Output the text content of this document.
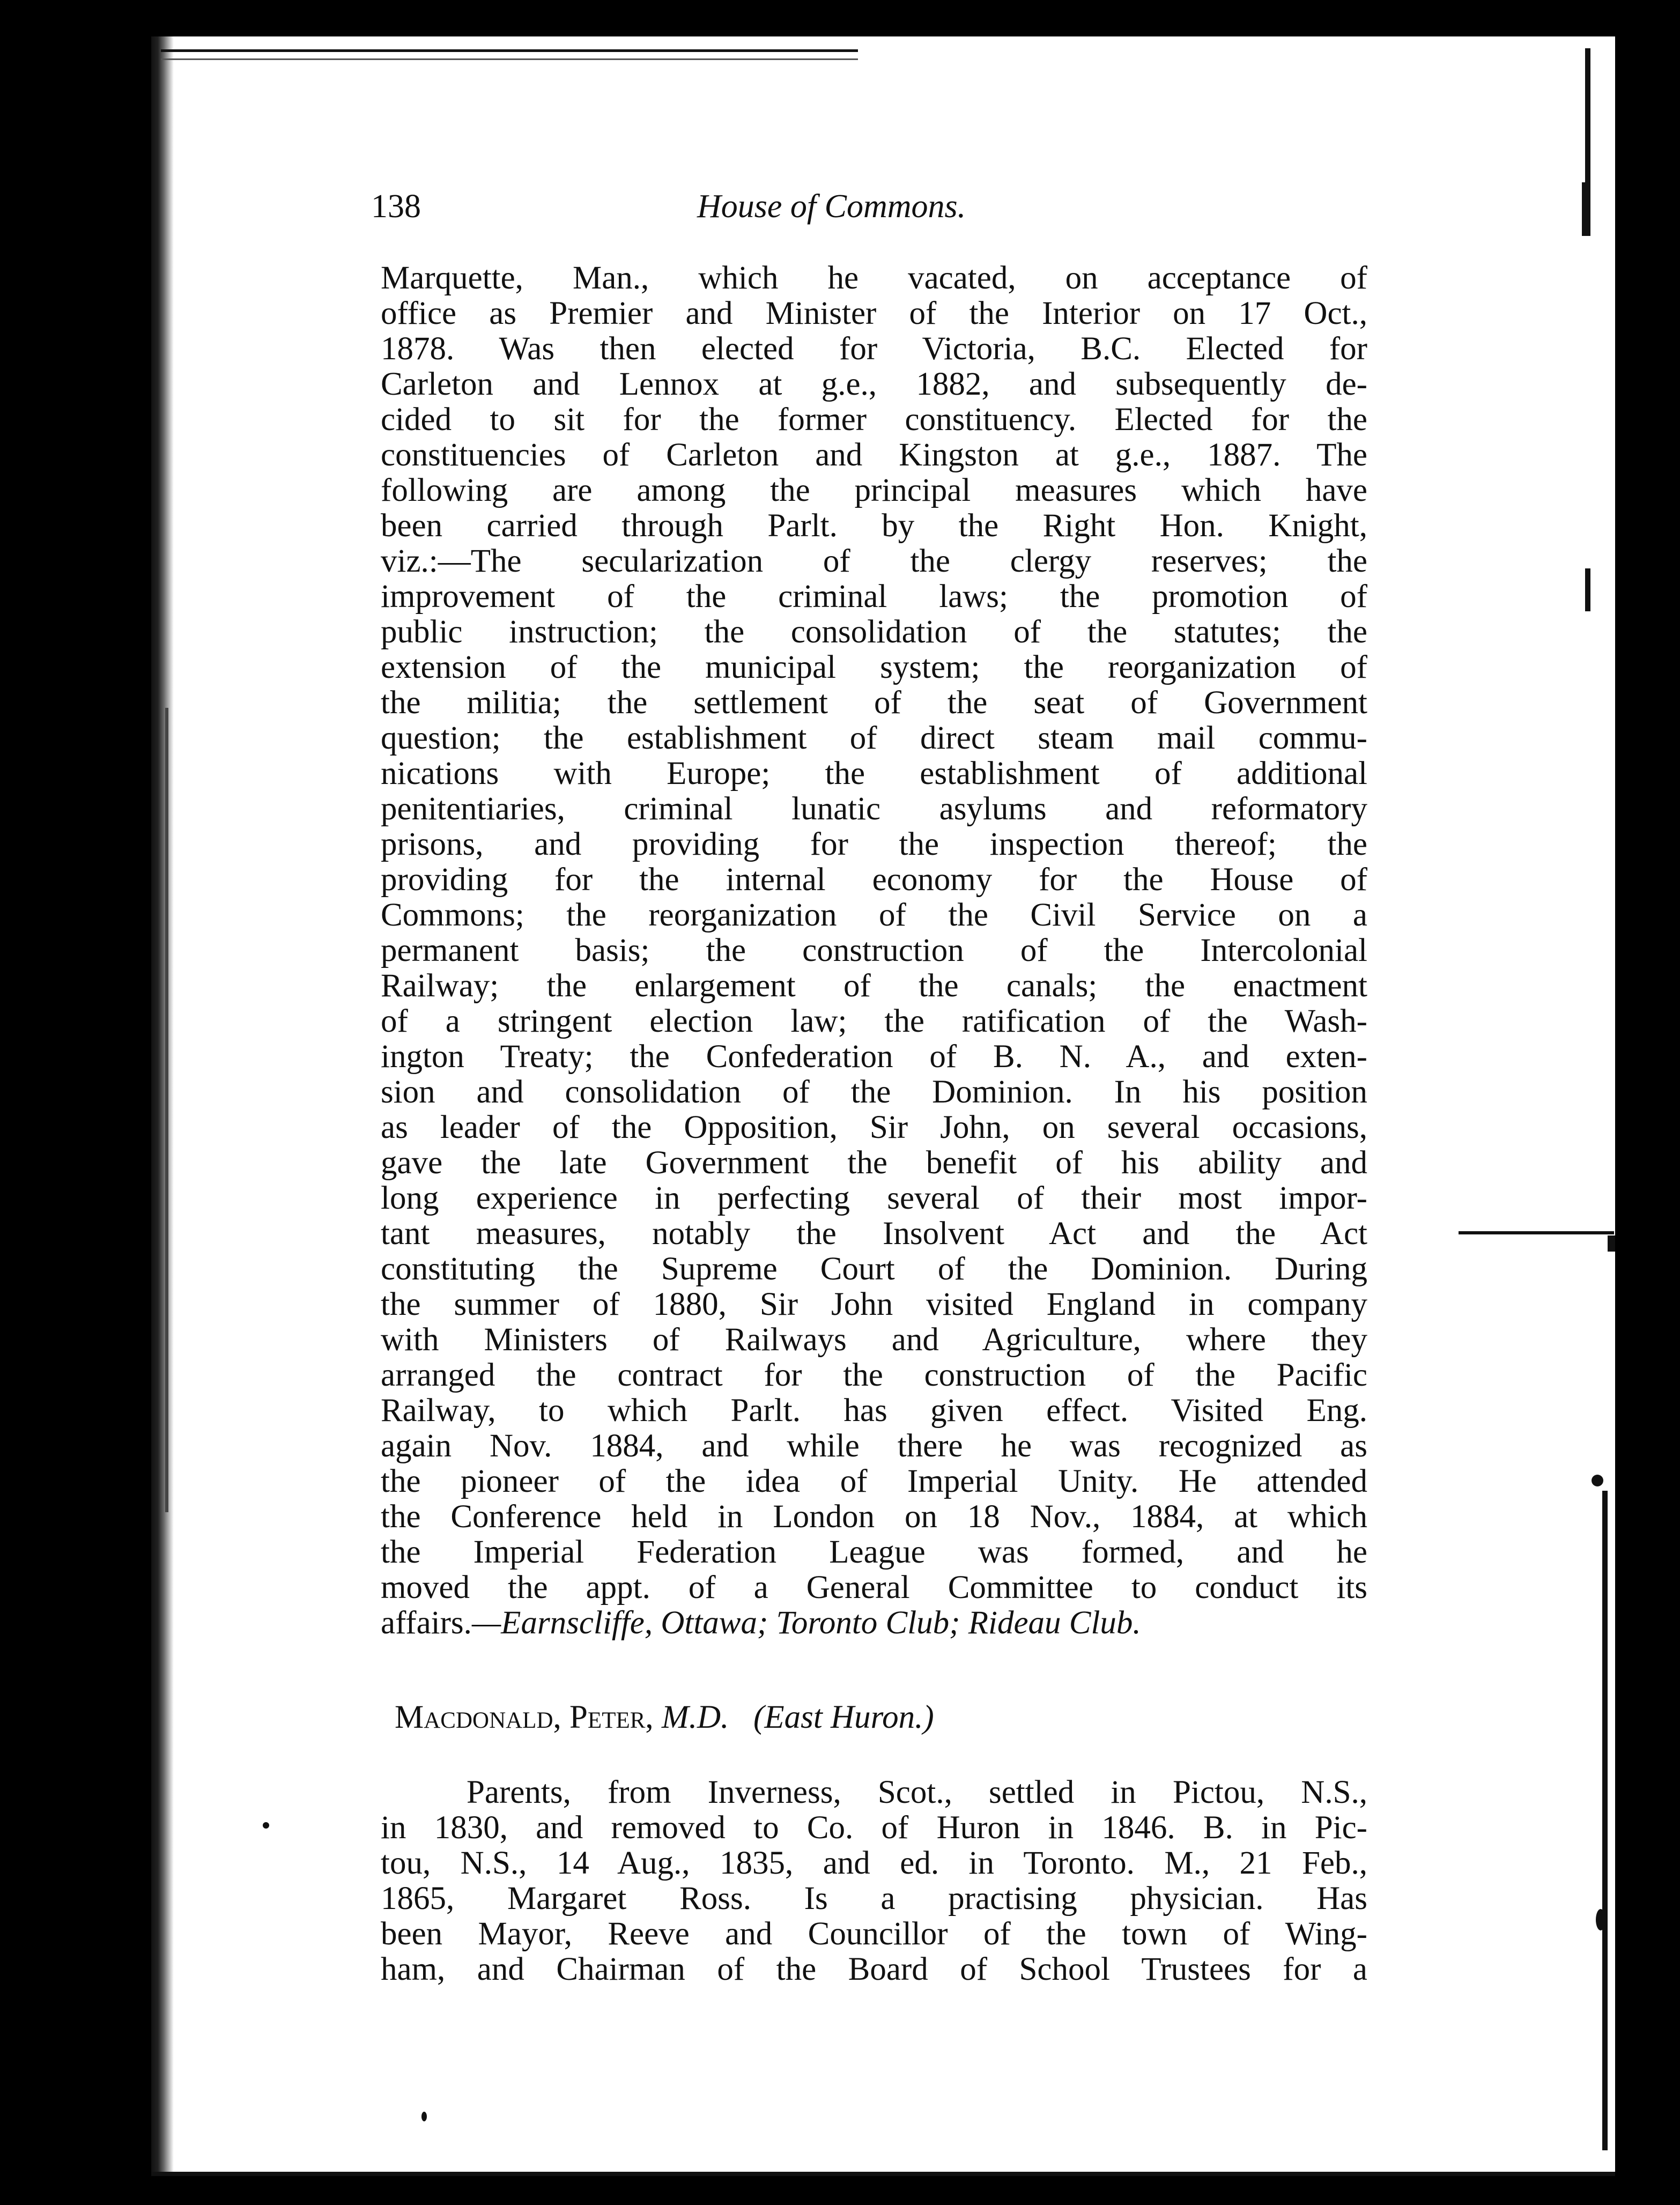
138	House of Commons.
Marquette, Man., which he vacated, on acceptance of
office as Premier and Minister of the Interior on 17 Oct.,
1878. Was then elected for Victoria, B.C. Elected for
Carleton and Lennox at g.e., 1882, and subsequently de-
cided to sit for the former constituency. Elected for the
constituencies of Carleton and Kingston at g.e., 1887. The
following are among the principal measures which have
been carried through Parlt. by the Right Hon. Knight,
viz.:—The secularization of the clergy reserves; the
improvement of the criminal laws; the promotion of
public instruction; the consolidation of the statutes; the
extension of the municipal system; the reorganization of
the militia; the settlement of the seat of Government
question; the establishment of direct steam mail commu-
nications with Europe; the establishment of additional
penitentiaries, criminal lunatic asylums and reformatory
prisons, and providing for the inspection thereof; the
providing for the internal economy for the House of
Commons; the reorganization of the Civil Service on a
permanent basis; the construction of the Intercolonial
Railway; the enlargement of the canals; the enactment
of a stringent election law; the ratification of the Wash-
ington Treaty; the Confederation of B. N. A., and exten-
sion and consolidation of the Dominion. In his position
as leader of the Opposition, Sir John, on several occasions,
gave the late Government the benefit of his ability and
long experience in perfecting several of their most impor-
tant measures, notably the Insolvent Act and the Act
constituting the Supreme Court of the Dominion. During
the summer of 1880, Sir John visited England in company
with Ministers of Railways and Agriculture, where they
arranged the contract for the construction of the Pacific
Railway, to which Parlt. has given effect. Visited Eng.
again Nov. 1884, and while there he was recognized as
the pioneer of the idea of Imperial Unity. He attended
the Conference held in London on 18 Nov., 1884, at which
the Imperial Federation League was formed, and he
moved the appt. of a General Committee to conduct its
affairs.—Earnscliffe, Ottawa; Toronto Club; Rideau Club.
Macdonald, Peter, M.D. (East Huron.)
Parents, from Inverness, Scot., settled in Pictou, N.S.,
in 1830, and removed to Co. of Huron in 1846. B. in Pic-
tou, N.S., 14 Aug., 1835, and ed. in Toronto. M., 21 Feb.,
1865, Margaret Ross. Is a practising physician. Has
been Mayor, Reeve and Councillor of the town of Wing-
ham, and Chairman of the Board of School Trustees for a
